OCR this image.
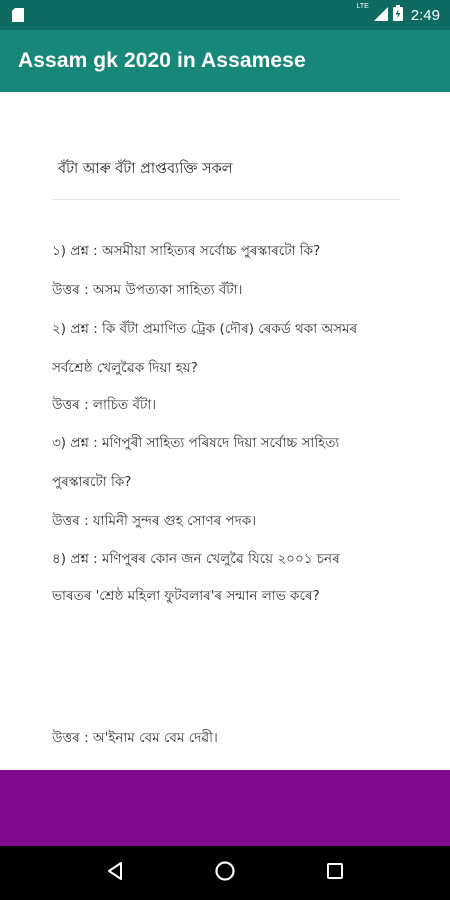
LTE	2:49
Assam gk 2020 in Assamese
বঁটা আৰু বঁটা প্ৰাপ্তব্যক্তি সকল
১) প্ৰশ্ন : অসমীয়া সাহিত্যৰ সৰ্বোচ্চ পুৰস্কাৰটো কি?
উত্তৰ : অসম উপত্যকা সাহিত্য বঁটা।
২) প্ৰশ্ন : কি বঁটা প্ৰমাণিত ট্ৰেক (দৌৰ) ৰেকৰ্ড থকা অসমৰ
সৰ্বশ্ৰেষ্ঠ খেলুৱৈক দিয়া হয়?
উত্তৰ : লাচিত বঁটা।
৩) প্ৰশ্ন : মণিপুৰী সাহিত্য পৰিষদে দিয়া সৰ্বোচ্চ সাহিত্য
পুৰস্কাৰটো কি?
উত্তৰ : যামিনী সুন্দৰ গুহ সোণৰ পদক।
৪) প্ৰশ্ন : মণিপুৰৰ কোন জন খেলুৱৈ যিয়ে ২০০১ চনৰ
ভাৰতৰ 'শ্ৰেষ্ঠ মহিলা ফুটবলাৰ'ৰ সন্মান লাভ কৰে?
উত্তৰ : অ'ইনাম বেম বেম দেৱী।
